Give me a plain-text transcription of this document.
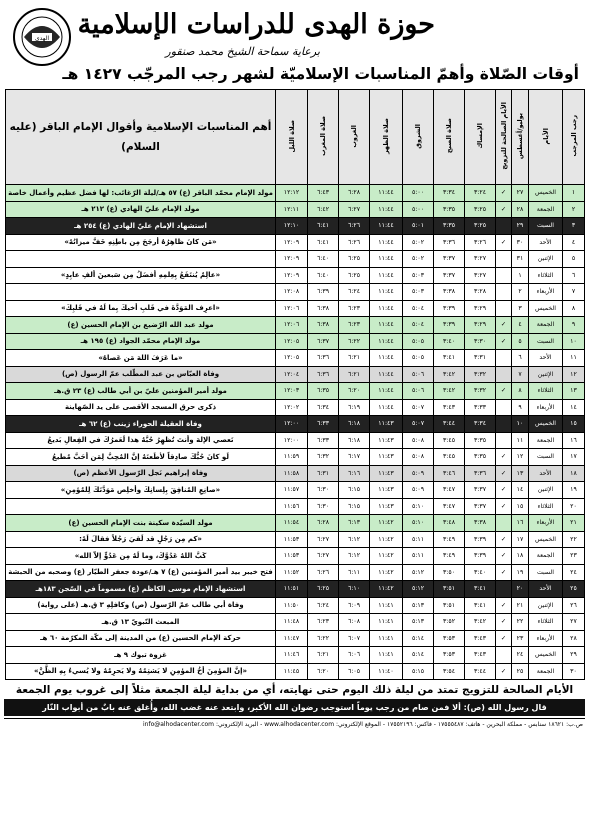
الهدى حوزة الهدى للدراسات الإسلامية
برعاية سماحة الشيخ محمد صنقور
أوقات الصّلاة وأهمّ المناسبات الإسلاميّة لشهر رجب المرجّب ١٤٢٧ هـ
رجب المرجب	الأيام	يوليو/أغسطس	الأيام الصالحة للتزويج	الإمساك	صلاة الصبح	الشروق	صلاة الظهر	الغروب	صلاة المغرب	صلاة الليل	أهم المناسبات الإسلامية وأقوال الإمام الباقر (عليه السلام)

١	الخميس	٢٧	✓	٣:٢٤	٣:٣٤	٥:٠٠	١١:٤٤	٦:٢٨	٦:٤٣	١٢:١٢	مولد الإمام محمّد الباقر (ع) ٥٧ هـ/ليلة الرّغائب: لها فضل عظيم وأعمال خاصة
٢	الجمعة	٢٨	✓	٣:٢٥	٣:٣٥	٥:٠٠	١١:٤٤	٦:٢٧	٦:٤٢	١٢:١١	مولد الإمام عليّ الهادي (ع) ٢١٢ هـ
٣	السبت	٢٩		٣:٢٥	٣:٣٥	٥:٠١	١١:٤٤	٦:٢٦	٦:٤١	١٢:١٠	استشهاد الإمام عليّ الهادي (ع) ٢٥٤ هـ
٤	الأحد	٣٠	✓	٣:٢٦	٣:٣٦	٥:٠٢	١١:٤٤	٦:٢٦	٦:٤١	١٢:٠٩	«مَن كانَ ظاهِرُهُ أرجَحَ مِن باطِنِهِ خَفَّ ميزانُهُ»
٥	الإثنين	٣١		٣:٢٧	٣:٣٧	٥:٠٢	١١:٤٤	٦:٢٥	٦:٤٠	١٢:٠٩	
٦	الثلاثاء	١		٣:٢٧	٣:٣٧	٥:٠٣	١١:٤٤	٦:٢٥	٦:٤٠	١٢:٠٩	«عالِمٌ يُنتَفَعُ بِعِلمِهِ أفضَلُ مِن سَبعينَ ألفِ عابِدٍ»
٧	الأربعاء	٢		٣:٢٨	٣:٣٨	٥:٠٣	١١:٤٤	٦:٢٤	٦:٣٩	١٢:٠٨	
٨	الخميس	٣		٣:٢٩	٣:٣٩	٥:٠٤	١١:٤٤	٦:٢٣	٦:٣٨	١٢:٠٦	«اعرِف المَوَدَّةَ في قَلبِ أخيكَ بِما لَهُ في قَلبِكَ»
٩	الجمعة	٤	✓	٣:٢٩	٣:٣٩	٥:٠٤	١١:٤٤	٦:٢٣	٦:٣٨	١٢:٠٦	مولد عبد الله الرّضيع بن الإمام الحسين (ع)
١٠	السبت	٥	✓	٣:٣٠	٣:٤٠	٥:٠٥	١١:٤٤	٦:٢٢	٦:٣٧	١٢:٠٥	مولد الإمام محمّد الجواد (ع) ١٩٥ هـ
١١	الأحد	٦		٣:٣١	٣:٤١	٥:٠٥	١١:٤٤	٦:٢١	٦:٣٦	١٢:٠٥	«ما عَرَفَ اللهَ مَن عَصاهُ»
١٢	الإثنين	٧		٣:٣٢	٣:٤٢	٥:٠٦	١١:٤٤	٦:٢١	٦:٣٦	١٢:٠٤	وفاة العبّاس بن عبد المطّلب عمّ الرسول (ص)
١٣	الثلاثاء	٨	✓	٣:٣٢	٣:٤٢	٥:٠٦	١١:٤٤	٦:٢٠	٦:٣٥	١٢:٠٣	مولد أمير المؤمنين عليّ بن أبي طالب (ع) ٢٣ ق.هـ
١٤	الأربعاء	٩		٣:٣٣	٣:٤٣	٥:٠٧	١١:٤٤	٦:١٩	٦:٣٤	١٢:٠٢	ذكرى حرق المسجد الأقصى على يد الصّهاينة
١٥	الخميس	١٠		٣:٣٤	٣:٤٤	٥:٠٧	١١:٤٣	٦:١٨	٦:٣٣	١٢:٠٠	وفاة العقيلة الحوراء زينب (ع) ٦٢ هـ
١٦	الجمعة	١١		٣:٣٥	٣:٤٥	٥:٠٨	١١:٤٣	٦:١٨	٦:٣٣	١٢:٠٠	تَعصي الإلهَ وأنتَ تُظهِرُ حُبَّهُ هذا لَعَمرُكَ في الفِعالِ بَديعُ
١٧	السبت	١٢	✓	٣:٣٥	٣:٤٥	٥:٠٨	١١:٤٣	٦:١٧	٦:٣٢	١١:٥٩	لَو كانَ حُبُّكَ صادِقاً لأطَعتَهُ إنَّ المُحِبَّ لِمَن أحَبَّ مُطيعُ
١٨	الأحد	١٣	✓	٣:٣٦	٣:٤٦	٥:٠٩	١١:٤٣	٦:١٦	٦:٣١	١١:٥٨	وفاة إبراهيم نَجل الرّسول الأعظم (ص)
١٩	الإثنين	١٤	✓	٣:٣٧	٣:٤٧	٥:٠٩	١١:٤٣	٦:١٥	٦:٣٠	١١:٥٧	«صانِعِ المُنافِقَ بِلِسانِكَ وأخلِص مَوَدَّتَكَ لِلمُؤمِنِ»
٢٠	الثلاثاء	١٥	✓	٣:٣٧	٣:٤٧	٥:١٠	١١:٤٣	٦:١٥	٦:٣٠	١١:٥٦	
٢١	الأربعاء	١٦		٣:٣٨	٣:٤٨	٥:١٠	١١:٤٢	٦:١٣	٦:٢٨	١١:٥٤	مولد السيّدة سكينة بنت الإمام الحسين (ع)
٢٢	الخميس	١٧	✓	٣:٣٩	٣:٤٩	٥:١١	١١:٤٢	٦:١٢	٦:٢٧	١١:٥٣	«كم مِن رَجُلٍ قد لَقيَ رَجُلاً فقالَ لَهُ:
٢٣	الجمعة	١٨	✓	٣:٣٩	٣:٤٩	٥:١١	١١:٤٢	٦:١٢	٦:٢٧	١١:٥٣	كَبَّ اللهُ عَدُوَّكَ، وما لَهُ مِن عَدُوٍّ إلاّ الله»
٢٤	السبت	١٩	✓	٣:٤٠	٣:٥٠	٥:١٢	١١:٤٢	٦:١١	٦:٢٦	١١:٥٢	فتح خيبر بيد أمير المؤمنين (ع) ٧ هـ/عودة جعفر الطيّار (ع) وصحبه من الحبشة
٢٥	الأحد	٢٠		٣:٤١	٣:٥١	٥:١٢	١١:٤٢	٦:١٠	٦:٢٥	١١:٥١	استشهاد الإمام موسى الكاظم (ع) مسموماً في السّجن ١٨٣هـ
٢٦	الإثنين	٢١	✓	٣:٤١	٣:٥١	٥:١٣	١١:٤١	٦:٠٩	٦:٢٤	١١:٥٠	وفاة أبي طالب عمّ الرّسول (ص) وكافلِهِ ٣ ق.هـ (على رواية)
٢٧	الثلاثاء	٢٢	✓	٣:٤٢	٣:٥٢	٥:١٣	١١:٤١	٦:٠٨	٦:٢٣	١١:٤٨	المبعث النّبويّ ١٣ ق.هـ
٢٨	الأربعاء	٢٣	✓	٣:٤٣	٣:٥٣	٥:١٤	١١:٤١	٦:٠٧	٦:٢٢	١١:٤٧	حركة الإمام الحسين (ع) من المدينة إلى مكّة المكرّمة ٦٠ هـ
٢٩	الخميس	٢٤		٣:٤٣	٣:٥٣	٥:١٤	١١:٤١	٦:٠٦	٦:٢١	١١:٤٦	غزوة تبوك ٩ هـ
٣٠	الجمعة	٢٥	✓	٣:٤٤	٣:٥٤	٥:١٥	١١:٤٠	٦:٠٥	٦:٢٠	١١:٤٥	«إنَّ المؤمِنَ أخُ المؤمِنِ لا يَشتِمُهُ ولا يَحرِمُهُ ولا يُسيءُ بِهِ الظَّنَّ»
الأيام الصالحة للتزويج تمتد من ليلة ذلك اليوم حتى نهايته، أي من بداية ليلة الجمعة مثلاً إلى غروب يوم الجمعة
قال رسول الله (ص): ألا فمن صام من رجب يوماً استوجب رضوان الله الأكبر، وابتعد عنه غضب الله، وأُغلق عنه بابٌ من أبواب النّار
ص.ب: ١٨٦٢١ سنابس - مملكة البحرين - هاتف: ١٧٥٥٥٤٨٧ - فاكس: ١٧٥٥٢١٩٦ - الموقع الإلكتروني: www.alhodacenter.com - البريد الإلكتروني: info@alhodacenter.com
